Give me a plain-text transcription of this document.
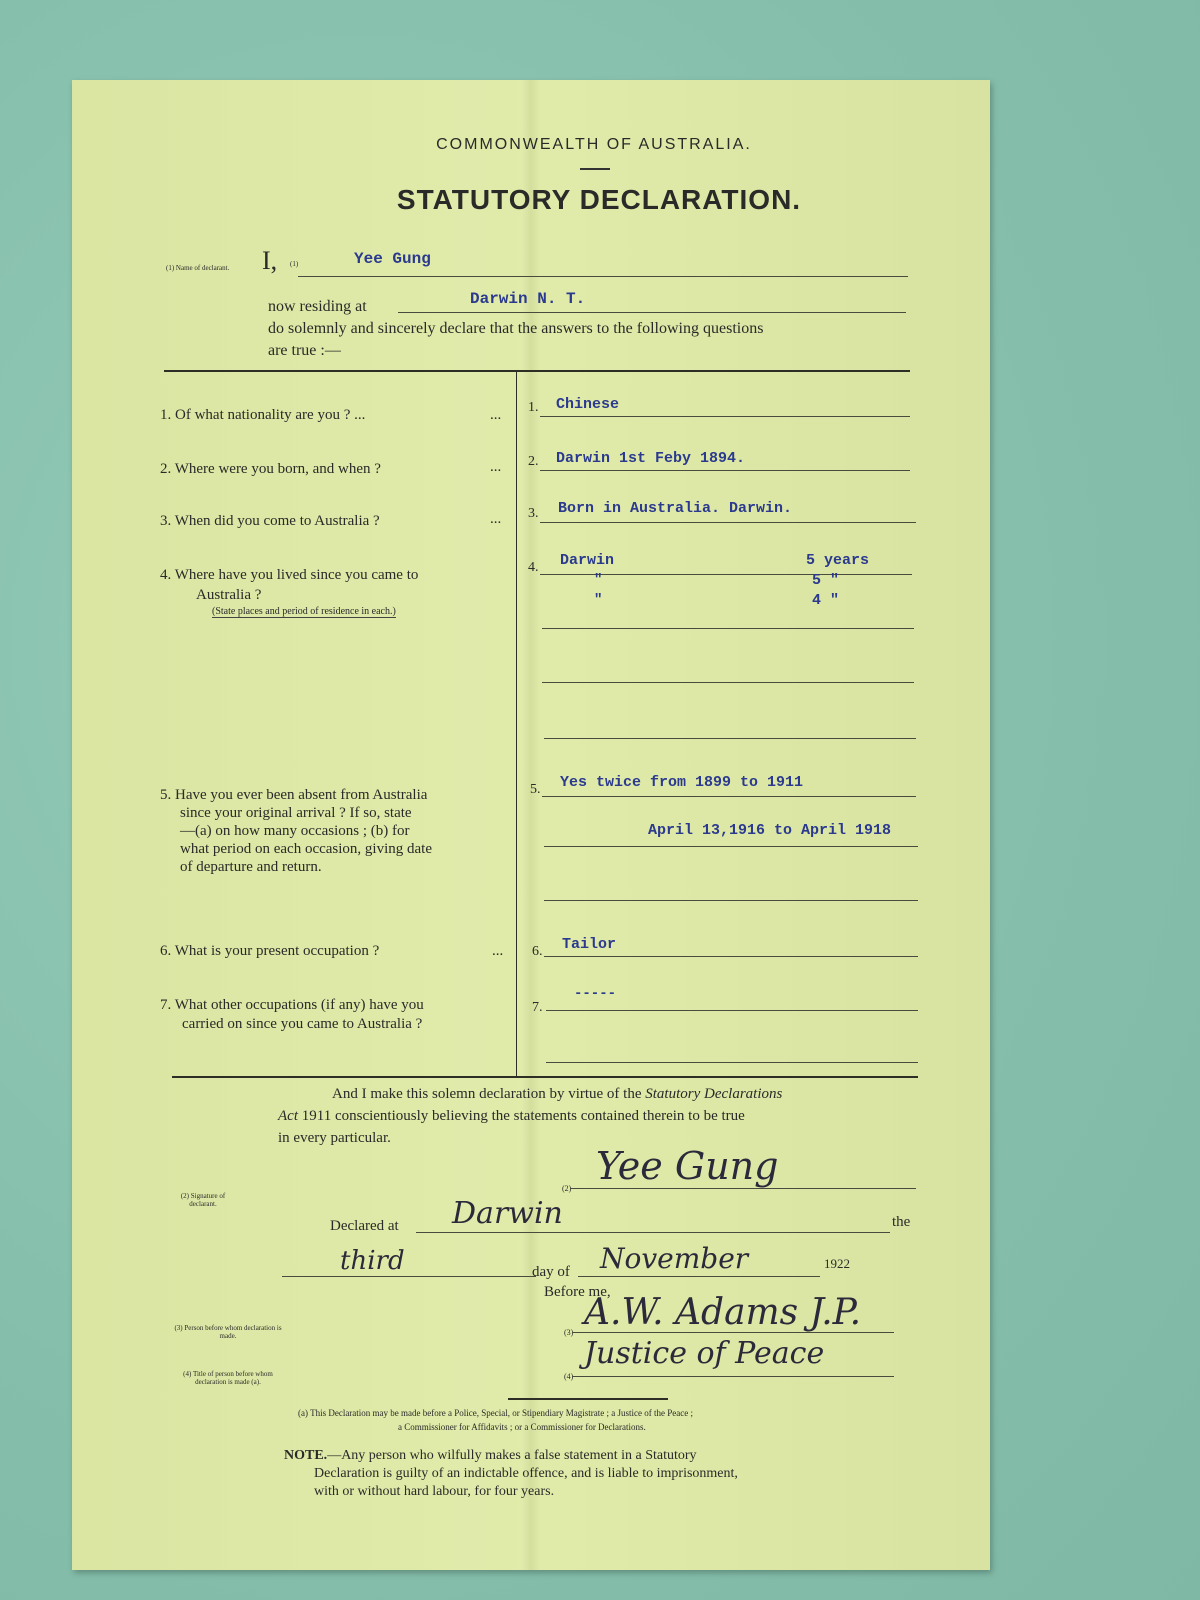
COMMONWEALTH OF AUSTRALIA.
STATUTORY DECLARATION.
(1) Name of declarant.	I, (1)	Yee Gung
now residing at	Darwin N. T.
do solemnly and sincerely declare that the answers to the following questions
are true :—
1. Of what nationality are you ? ...	... 1. Chinese
2. Where were you born, and when ?	... 2. Darwin 1st Feby 1894.
3. When did you come to Australia ?	... 3. Born in Australia. Darwin.
4. Where have you lived since you came to
Australia ?
(State places and period of residence in each.)
4. Darwin	5 years
"	5 "
"	4 "
5. Have you ever been absent from Australia
since your original arrival ? If so, state
—(a) on how many occasions ; (b) for
what period on each occasion, giving date
of departure and return.
5. Yes twice from 1899 to 1911
April 13,1916 to April 1918
6. What is your present occupation ?	... 6. Tailor
7. What other occupations (if any) have you
carried on since you came to Australia ?
7.
-----
And I make this solemn declaration by virtue of the Statutory Declarations
Act 1911 conscientiously believing the statements contained therein to be true
in every particular.
(2) Signature of declarant.
(2)
Yee Gung
Declared at Darwin	the
third	day of November	1922
Before me,
(3) Person before whom declaration is made.	(3) A.W. Adams J.P.
(4) Title of person before whom declaration is made (a).
(4)
Justice of Peace
(a) This Declaration may be made before a Police, Special, or Stipendiary Magistrate ; a Justice of the Peace ;
a Commissioner for Affidavits ; or a Commissioner for Declarations.
NOTE.—Any person who wilfully makes a false statement in a Statutory
Declaration is guilty of an indictable offence, and is liable to imprisonment,
with or without hard labour, for four years.
